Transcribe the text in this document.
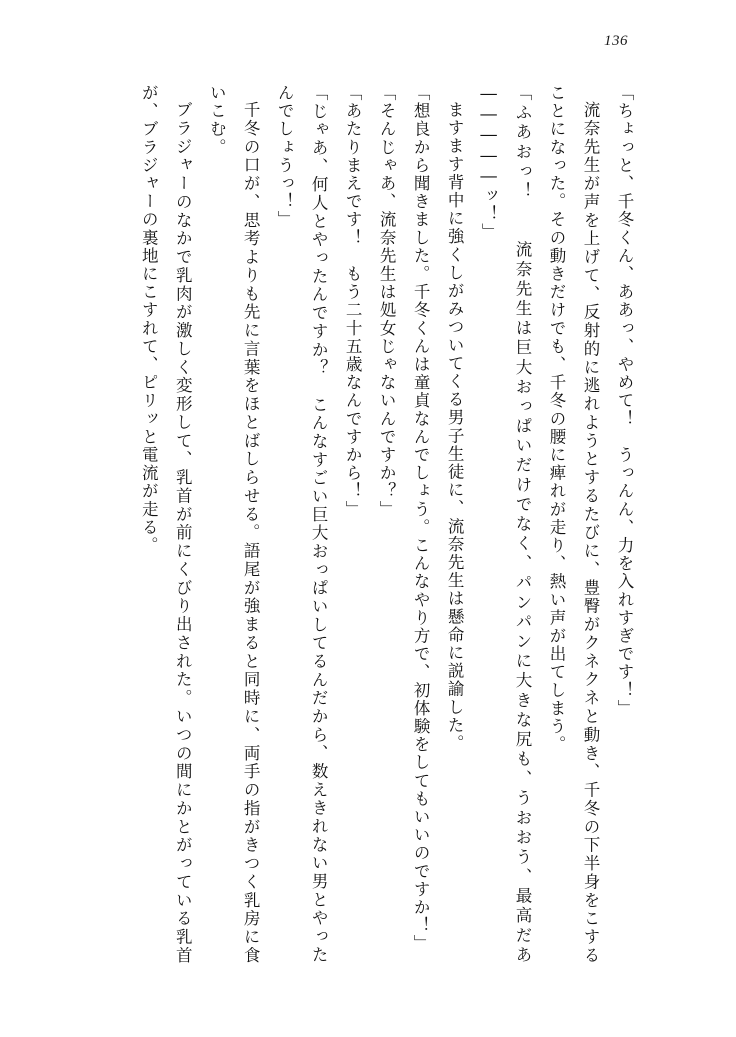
136

「ちょっと、千冬くん、ああっ、やめて！　うっんん、力を入れすぎです！」

流奈先生が声を上げて、反射的に逃れようとするたびに、豊臀がクネクネと動き、千冬の下半身をこすることになった。その動きだけでも、千冬の腰に痺れが走り、熱い声が出てしまう。

「ふあおっ！　　流奈先生は巨大おっぱいだけでなく、パンパンに大きな尻も、うおおう、最高だあ―――――ッ！」

ますます背中に強くしがみついてくる男子生徒に、流奈先生は懸命に説諭した。

「想良から聞きました。千冬くんは童貞なんでしょう。こんなやり方で、初体験をしてもいいのですか！」

「そんじゃあ、流奈先生は処女じゃないんですか？」

「あたりまえです！　もう二十五歳なんですから！」

「じゃあ、何人とやったんですか？　こんなすごい巨大おっぱいしてるんだから、数えきれない男とやったんでしょうっ！」

千冬の口が、思考よりも先に言葉をほとばしらせる。語尾が強まると同時に、両手の指がきつく乳房に食いこむ。

ブラジャーのなかで乳肉が激しく変形して、乳首が前にくびり出された。いつの間にかとがっている乳首が、ブラジャーの裏地にこすれて、ピリッと電流が走る。
